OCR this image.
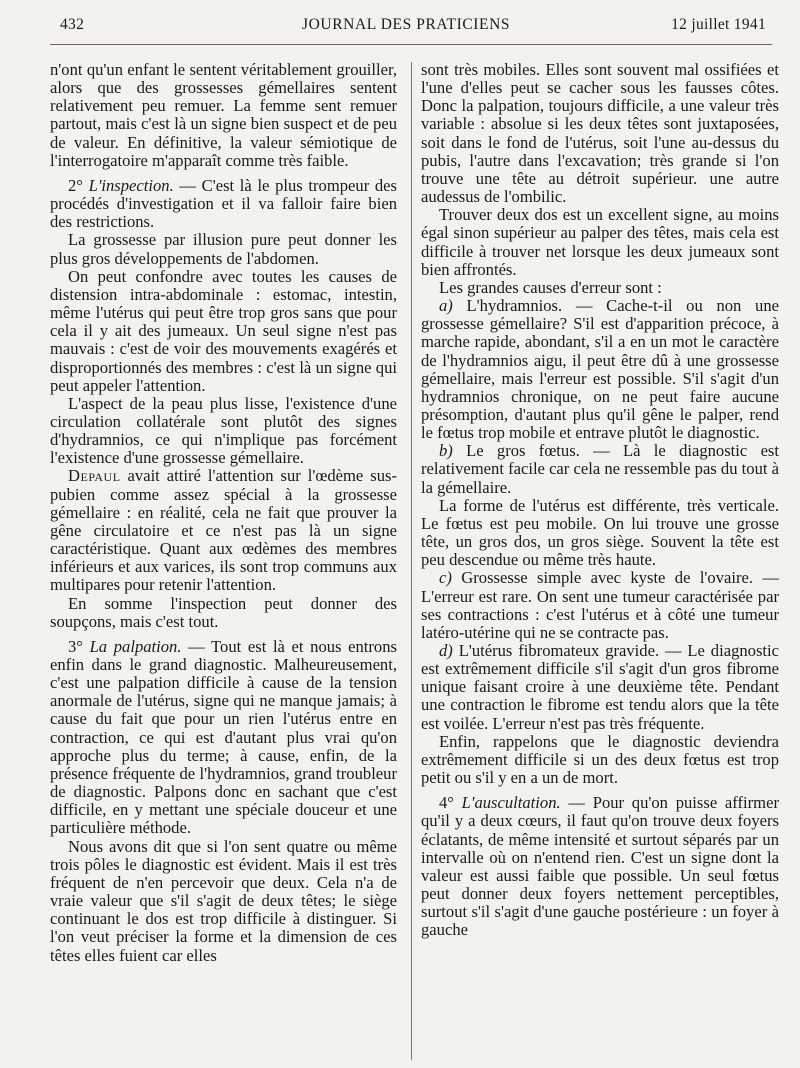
432	JOURNAL DES PRATICIENS	12 juillet 1941

n'ont qu'un enfant le sentent véritablement grouiller, alors que des grossesses gémellaires sentent relativement peu remuer. La femme sent remuer partout, mais c'est là un signe bien suspect et de peu de valeur. En définitive, la valeur sémiotique de l'interrogatoire m'apparaît comme très faible.

2° L'inspection. — C'est là le plus trompeur des procédés d'investigation et il va falloir faire bien des restrictions.

La grossesse par illusion pure peut donner les plus gros développements de l'abdomen.

On peut confondre avec toutes les causes de distension intra-abdominale : estomac, intestin, même l'utérus qui peut être trop gros sans que pour cela il y ait des jumeaux. Un seul signe n'est pas mauvais : c'est de voir des mouvements exagérés et disproportionnés des membres : c'est là un signe qui peut appeler l'attention.

L'aspect de la peau plus lisse, l'existence d'une circulation collatérale sont plutôt des signes d'hydramnios, ce qui n'implique pas forcément l'existence d'une grossesse gémellaire.

Depaul avait attiré l'attention sur l'œdème sus-pubien comme assez spécial à la grossesse gémellaire : en réalité, cela ne fait que prouver la gêne circulatoire et ce n'est pas là un signe caractéristique. Quant aux œdèmes des membres inférieurs et aux varices, ils sont trop communs aux multipares pour retenir l'attention.

En somme l'inspection peut donner des soupçons, mais c'est tout.

3° La palpation. — Tout est là et nous entrons enfin dans le grand diagnostic. Malheureusement, c'est une palpation difficile à cause de la tension anormale de l'utérus, signe qui ne manque jamais; à cause du fait que pour un rien l'utérus entre en contraction, ce qui est d'autant plus vrai qu'on approche plus du terme; à cause, enfin, de la présence fréquente de l'hydramnios, grand troubleur de diagnostic. Palpons donc en sachant que c'est difficile, en y mettant une spéciale douceur et une particulière méthode.

Nous avons dit que si l'on sent quatre ou même trois pôles le diagnostic est évident. Mais il est très fréquent de n'en percevoir que deux. Cela n'a de vraie valeur que s'il s'agit de deux têtes; le siège continuant le dos est trop difficile à distinguer. Si l'on veut préciser la forme et la dimension de ces têtes elles fuient car elles

sont très mobiles. Elles sont souvent mal ossifiées et l'une d'elles peut se cacher sous les fausses côtes. Donc la palpation, toujours difficile, a une valeur très variable : absolue si les deux têtes sont juxtaposées, soit dans le fond de l'utérus, soit l'une au-dessus du pubis, l'autre dans l'excavation; très grande si l'on trouve une tête au détroit supérieur. une autre audessus de l'ombilic.

Trouver deux dos est un excellent signe, au moins égal sinon supérieur au palper des têtes, mais cela est difficile à trouver net lorsque les deux jumeaux sont bien affrontés.

Les grandes causes d'erreur sont :

a) L'hydramnios. — Cache-t-il ou non une grossesse gémellaire? S'il est d'apparition précoce, à marche rapide, abondant, s'il a en un mot le caractère de l'hydramnios aigu, il peut être dû à une grossesse gémellaire, mais l'erreur est possible. S'il s'agit d'un hydramnios chronique, on ne peut faire aucune présomption, d'autant plus qu'il gêne le palper, rend le fœtus trop mobile et entrave plutôt le diagnostic.

b) Le gros fœtus. — Là le diagnostic est relativement facile car cela ne ressemble pas du tout à la gémellaire.

La forme de l'utérus est différente, très verticale. Le fœtus est peu mobile. On lui trouve une grosse tête, un gros dos, un gros siège. Souvent la tête est peu descendue ou même très haute.

c) Grossesse simple avec kyste de l'ovaire. — L'erreur est rare. On sent une tumeur caractérisée par ses contractions : c'est l'utérus et à côté une tumeur latéro-utérine qui ne se contracte pas.

d) L'utérus fibromateux gravide. — Le diagnostic est extrêmement difficile s'il s'agit d'un gros fibrome unique faisant croire à une deuxième tête. Pendant une contraction le fibrome est tendu alors que la tête est voilée. L'erreur n'est pas très fréquente.

Enfin, rappelons que le diagnostic deviendra extrêmement difficile si un des deux fœtus est trop petit ou s'il y en a un de mort.

4° L'auscultation. — Pour qu'on puisse affirmer qu'il y a deux cœurs, il faut qu'on trouve deux foyers éclatants, de même intensité et surtout séparés par un intervalle où on n'entend rien. C'est un signe dont la valeur est aussi faible que possible. Un seul fœtus peut donner deux foyers nettement perceptibles, surtout s'il s'agit d'une gauche postérieure : un foyer à gauche
